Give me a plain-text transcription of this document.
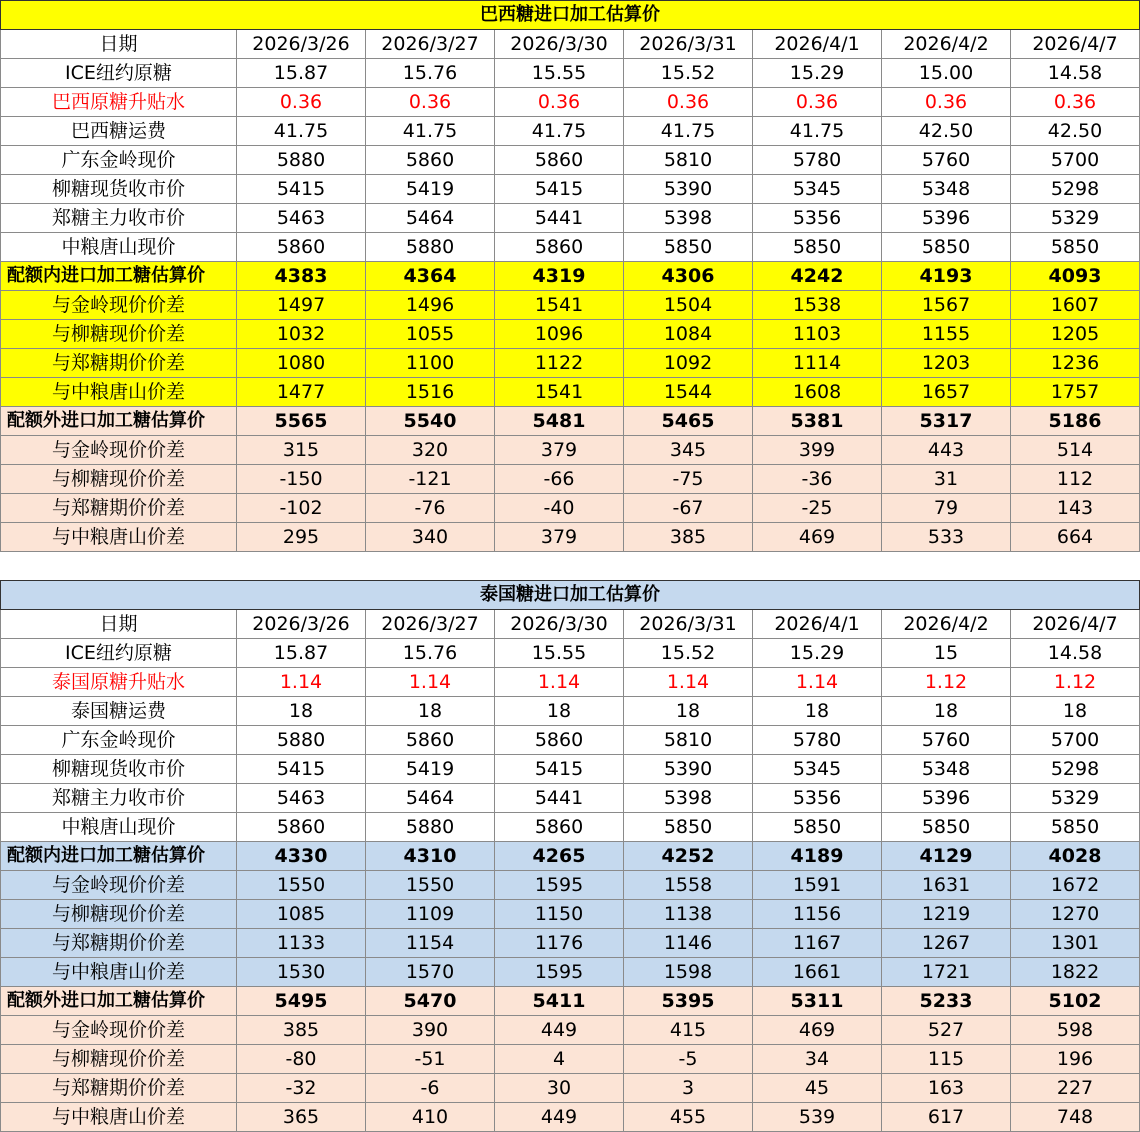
巴西糖进口加工估算价							
日期	2026/3/26	2026/3/27	2026/3/30	2026/3/31	2026/4/1	2026/4/2	2026/4/7
ICE纽约原糖	15.87	15.76	15.55	15.52	15.29	15.00	14.58
巴西原糖升贴水	0.36	0.36	0.36	0.36	0.36	0.36	0.36
巴西糖运费	41.75	41.75	41.75	41.75	41.75	42.50	42.50
广东金岭现价	5880	5860	5860	5810	5780	5760	5700
柳糖现货收市价	5415	5419	5415	5390	5345	5348	5298
郑糖主力收市价	5463	5464	5441	5398	5356	5396	5329
中粮唐山现价	5860	5880	5860	5850	5850	5850	5850
配额内进口加工糖估算价	4383	4364	4319	4306	4242	4193	4093
与金岭现价价差	1497	1496	1541	1504	1538	1567	1607
与柳糖现价价差	1032	1055	1096	1084	1103	1155	1205
与郑糖期价价差	1080	1100	1122	1092	1114	1203	1236
与中粮唐山价差	1477	1516	1541	1544	1608	1657	1757
配额外进口加工糖估算价	5565	5540	5481	5465	5381	5317	5186
与金岭现价价差	315	320	379	345	399	443	514
与柳糖现价价差	-150	-121	-66	-75	-36	31	112
与郑糖期价价差	-102	-76	-40	-67	-25	79	143
与中粮唐山价差	295	340	379	385	469	533	664
泰国糖进口加工估算价							
日期	2026/3/26	2026/3/27	2026/3/30	2026/3/31	2026/4/1	2026/4/2	2026/4/7
ICE纽约原糖	15.87	15.76	15.55	15.52	15.29	15	14.58
泰国原糖升贴水	1.14	1.14	1.14	1.14	1.14	1.12	1.12
泰国糖运费	18	18	18	18	18	18	18
广东金岭现价	5880	5860	5860	5810	5780	5760	5700
柳糖现货收市价	5415	5419	5415	5390	5345	5348	5298
郑糖主力收市价	5463	5464	5441	5398	5356	5396	5329
中粮唐山现价	5860	5880	5860	5850	5850	5850	5850
配额内进口加工糖估算价	4330	4310	4265	4252	4189	4129	4028
与金岭现价价差	1550	1550	1595	1558	1591	1631	1672
与柳糖现价价差	1085	1109	1150	1138	1156	1219	1270
与郑糖期价价差	1133	1154	1176	1146	1167	1267	1301
与中粮唐山价差	1530	1570	1595	1598	1661	1721	1822
配额外进口加工糖估算价	5495	5470	5411	5395	5311	5233	5102
与金岭现价价差	385	390	449	415	469	527	598
与柳糖现价价差	-80	-51	4	-5	34	115	196
与郑糖期价价差	-32	-6	30	3	45	163	227
与中粮唐山价差	365	410	449	455	539	617	748
